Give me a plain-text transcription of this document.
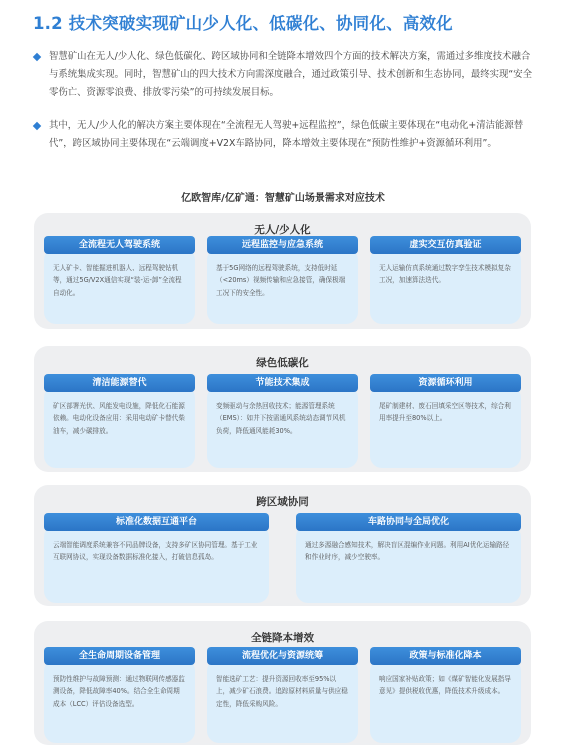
1.2 技术突破实现矿山少人化、低碳化、协同化、高效化
智慧矿山在无人/少人化、绿色低碳化、跨区域协同和全链降本增效四个方面的技术解决方案，需通过多维度技术融合与系统集成实现。同时，智慧矿山的四大技术方向需深度融合，通过政策引导、技术创新和生态协同，最终实现“安全零伤亡、资源零浪费、排放零污染”的可持续发展目标。
其中，无人/少人化的解决方案主要体现在“全流程无人驾驶+远程监控”，绿色低碳主要体现在“电动化+清洁能源替代”，跨区域协同主要体现在“云端调度+V2X车路协同，降本增效主要体现在“预防性维护+资源循环利用”。
亿欧智库/亿矿通：智慧矿山场景需求对应技术
无人/少人化
全流程无人驾驶系统
无人矿卡、智能掘进机器人、远程驾驶钻机等，通过5G/V2X通信实现“装-运-卸”全流程自动化。
远程监控与应急系统
基于5G网络的远程驾驶系统，支持低时延（<20ms）视频传输和应急接管，确保极端工况下的安全性。
虚实交互仿真验证
无人运输仿真系统通过数字孪生技术模拟复杂工况，加速算法迭代。
绿色低碳化
清洁能源替代
矿区部署光伏、风能发电设施，降低化石能源依赖。电动化设备应用：采用电动矿卡替代柴油车，减少碳排放。
节能技术集成
变频驱动与余热回收技术；能源管理系统（EMS）：如井下按需通风系统动态调节风机负荷，降低通风能耗30%。
资源循环利用
尾矿制建材、废石回填采空区等技术，综合利用率提升至80%以上。
跨区域协同
标准化数据互通平台
云端智能调度系统兼容不同品牌设备，支持多矿区协同管理。基于工业互联网协议，实现设备数据标准化接入，打破信息孤岛。
车路协同与全局优化
通过多源融合感知技术，解决盲区混编作业问题。利用AI优化运输路径和作业时序，减少空驶率。
全链降本增效
全生命周期设备管理
预防性维护与故障预测：通过物联网传感器监测设备，降低故障率40%。结合全生命周期成本（LCC）评估设备选型。
流程优化与资源统筹
智能选矿工艺：提升资源回收率至95%以上，减少矿石浪费。追踪原材料质量与供应稳定性，降低采购风险。
政策与标准化降本
响应国家补贴政策；如《煤矿智能化发展指导意见》提供税收优惠，降低技术升级成本。
